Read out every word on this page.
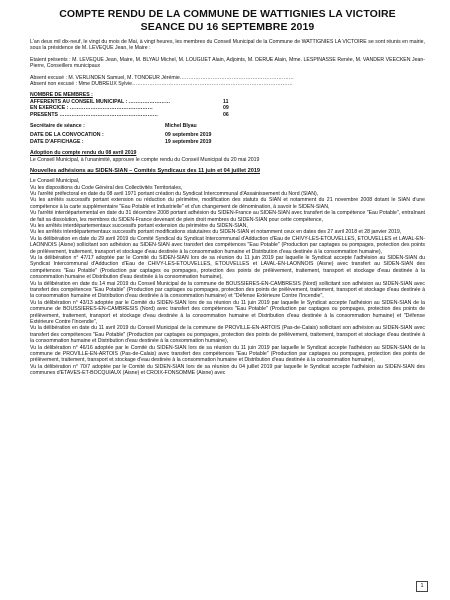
COMPTE RENDU DE LA COMMUNE DE WATTIGNIES LA VICTOIRE
SEANCE DU 16 SEPTEMBRE 2019
L'an deux mil dix-neuf, le vingt du mois de Mai, à vingt heures, les membres du Conseil Municipal de la Commune de WATTIGNIES LA VICTOIRE se sont réunis en mairie, sous la présidence de M. LEVEQUE Jean, le Maire :
Etaient présents : M. LEVEQUE Jean, Maire, M. BLYAU Michel, M. LOUGUET Alain, Adjoints, M. DERUE Alain, Mme. LESPINASSE Renée, M. VANDER VEECKEN Jean-Pierre, Conseillers municipaux
Absent excusé : M. VERLINDEN Samuel, M. TONDEUR Jérémie…………………………………………………………
Absent non excusé : Mme DUBREUX Sylvie…………………………………………………………………………………
NOMBRE DE MEMBRES :
AFFERENTS AU CONSEIL MUNICIPAL : ……………………	11
EN EXERCICE : …………………………………………	09
PRESENTS …………………………………………………	06
Secrétaire de séance :	Michel Blyau
DATE DE LA CONVOCATION :	09 septembre 2019
DATE D'AFFICHAGE :	19 septembre 2019
Adoption du compte rendu du 08 avril 2019
Le Conseil Municipal, à l'unanimité, approuve le compte rendu du Conseil Municipal du 20 mai 2019
Nouvelles adhésions au SIDEN-SIAN – Comités Syndicaux des 11 juin et 04 juillet 2019
Le Conseil Municipal,
Vu les dispositions du Code Général des Collectivités Territoriales,
Vu l'arrêté préfectoral en date du 08 avril 1971 portant création du Syndicat Intercommunal d'Assainissement du Nord (SIAN),
Vu les arrêtés successifs portant extension ou réduction du périmètre, modification des statuts du SIAN et notamment du 21 novembre 2008 dotant le SIAN d'une compétence à la carte supplémentaire "Eau Potable et Industrielle" et d'un changement de dénomination, à savoir le SIDEN-SIAN,
Vu l'arrêté interdépartemental en date du 31 décembre 2008 portant adhésion du SIDEN-France au SIDEN-SIAN avec transfert de la compétence "Eau Potable", entraînant de fait sa dissolution, les membres du SIDEN-France devenant de plein droit membres du SIDEN-SIAN pour cette compétence,
Vu les arrêtés interdépartementaux successifs portant extension du périmètre du SIDEN-SIAN,
Vu les arrêtés interdépartementaux successifs portant modifications statutaires du SIDEN-SIAN et notamment ceux en dates des 27 avril 2018 et 28 janvier 2019,
Vu la délibération en date du 29 avril 2019 du Comité Syndical du Syndicat Intercommunal d'Adduction d'Eau de CHIVY-LES-ETOUVELLES, ETOUVELLES et LAVAL-EN-LAONNOIS (Aisne) sollicitant son adhésion au SIDEN-SIAN avec transfert des compétences "Eau Potable" (Production par captages ou pompages, protection des points de prélèvement, traitement, transport et stockage d'eau destinée à la consommation humaine et Distribution d'eau destinée à la consommation humaine),
Vu la délibération n° 47/17 adoptée par le Comité du SIDEN-SIAN lors de sa réunion du 11 juin 2019 par laquelle le Syndicat accepte l'adhésion au SIDEN-SIAN du Syndicat Intercommunal d'Adduction d'Eau de CHIVY-LES-ETOUVELLES, ETOUVELLES et LAVAL-EN-LAONNOIS (Aisne) avec transfert au SIDEN-SIAN des compétences "Eau Potable" (Production par captages ou pompages, protection des points de prélèvement, traitement, transport et stockage d'eau destinée à la consommation humaine et Distribution d'eau destinée à la consommation humaine),
Vu la délibération en date du 14 mai 2019 du Conseil Municipal de la commune de BOUSSIERES-EN-CAMBRESIS (Nord) sollicitant son adhésion au SIDEN-SIAN avec transfert des compétences "Eau Potable" (Production par captages ou pompages, protection des points de prélèvement, traitement, transport et stockage d'eau destinée à la consommation humaine et Distribution d'eau destinée à la consommation humaine) et "Défense Extérieure Contre l'Incendie",
Vu la délibération n° 43/13 adoptée par le Comité du SIDEN-SIAN lors de sa réunion du 11 juin 2019 par laquelle le Syndicat accepte l'adhésion au SIDEN-SIAN de la commune de BOUSSIERES-EN-CAMBRESIS (Nord) avec transfert des compétences "Eau Potable" (Production par captages ou pompages, protection des points de prélèvement, traitement, transport et stockage d'eau destinée à la consommation humaine et Distribution d'eau destinée à la consommation humaine) et "Défense Extérieure Contre l'Incendie",
Vu la délibération en date du 11 avril 2019 du Conseil Municipal de la commune de PROVILLE-EN-ARTOIS (Pas-de-Calais) sollicitant son adhésion au SIDEN-SIAN avec transfert des compétences "Eau Potable" (Production par captages ou pompages, protection des points de prélèvement, traitement, transport et stockage d'eau destinée à la consommation humaine et Distribution d'eau destinée à la consommation humaine),
Vu la délibération n° 46/16 adoptée par le Comité du SIDEN-SIAN lors de sa réunion du 11 juin 2019 par laquelle le Syndicat accepte l'adhésion au SIDEN-SIAN de la commune de PROVILLE-EN-ARTOIS (Pas-de-Calais) avec transfert des compétences "Eau Potable" (Production par captages ou pompages, protection des points de prélèvement, traitement, transport et stockage d'eau destinée à la consommation humaine et Distribution d'eau destinée à la consommation humaine),
Vu la délibération n° 70/7 adoptée par le Comité du SIDEN-SIAN lors de sa réunion du 04 juillet 2019 par laquelle le Syndicat accepte l'adhésion au SIDEN-SIAN des communes d'ETAVES-ET-BOCQUIAUX (Aisne) et CROIX-FONSOMME (Aisne) avec
1
